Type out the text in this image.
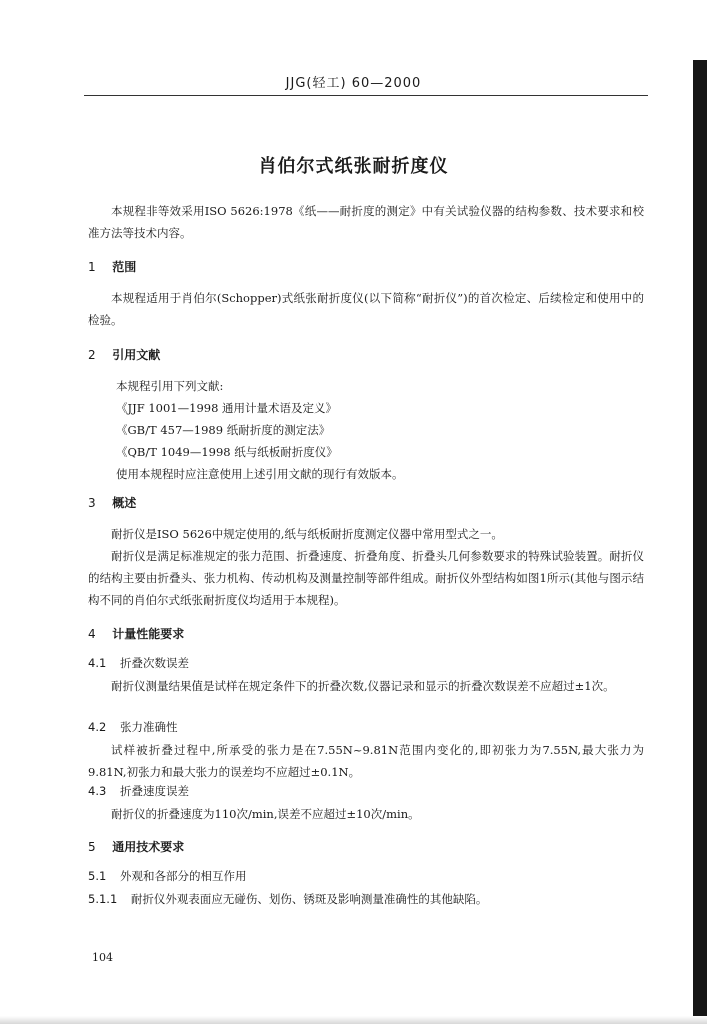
JJG(轻工) 60—2000
肖伯尔式纸张耐折度仪

本规程非等效采用ISO 5626:1978《纸——耐折度的测定》中有关试验仪器的结构参数、技术要求和校准方法等技术内容。

1 范围

本规程适用于肖伯尔(Schopper)式纸张耐折度仪(以下简称“耐折仪”)的首次检定、后续检定和使用中的检验。

2 引用文献

本规程引用下列文献:

《JJF 1001—1998 通用计量术语及定义》

《GB/T 457—1989 纸耐折度的测定法》

《QB/T 1049—1998 纸与纸板耐折度仪》

使用本规程时应注意使用上述引用文献的现行有效版本。

3 概述

耐折仪是ISO 5626中规定使用的,纸与纸板耐折度测定仪器中常用型式之一。

耐折仪是满足标准规定的张力范围、折叠速度、折叠角度、折叠头几何参数要求的特殊试验装置。耐折仪的结构主要由折叠头、张力机构、传动机构及测量控制等部件组成。耐折仪外型结构如图1所示(其他与图示结构不同的肖伯尔式纸张耐折度仪均适用于本规程)。

4 计量性能要求
4.1 折叠次数误差

耐折仪测量结果值是试样在规定条件下的折叠次数,仪器记录和显示的折叠次数误差不应超过±1次。

4.2 张力准确性

试样被折叠过程中,所承受的张力是在7.55N~9.81N范围内变化的,即初张力为7.55N,最大张力为9.81N,初张力和最大张力的误差均不应超过±0.1N。

4.3 折叠速度误差

耐折仪的折叠速度为110次/min,误差不应超过±10次/min。

5 通用技术要求
5.1 外观和各部分的相互作用
5.1.1 耐折仪外观表面应无碰伤、划伤、锈斑及影响测量准确性的其他缺陷。
104
